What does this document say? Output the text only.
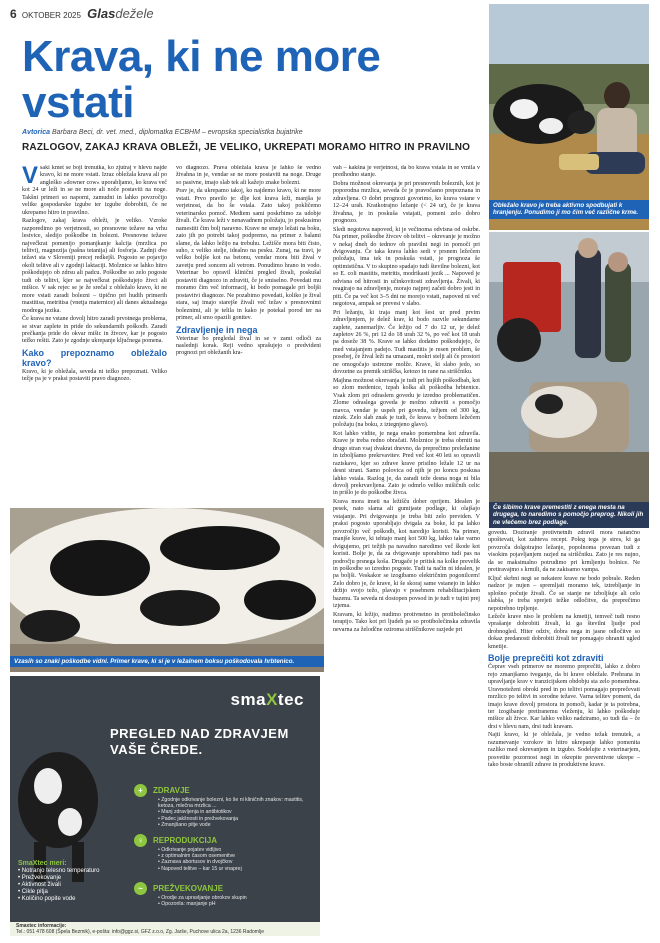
6 OKTOBER 2025 Glasdežele
Krava, ki ne more vstati
Avtorica Barbara Beci, dr. vet. med., diplomatka ECBHM – evropska specialistka bujatrike
RAZLOGOV, ZAKAJ KRAVA OBLEŽI, JE VELIKO, UKREPATI MORAMO HITRO IN PRAVILNO

Vsaki kmet se boji trenutka, ko zjutraj v hlevu najde kravo, ki ne more vstati. Izraz obležala krava ali po angleško »downer cow« uporabljamo, ko krava več kot 24 ur leži in se ne more ali noče postaviti na noge. Takšni primeri so naporni, zamudni in lahko povzročijo velike gospodarske izgube ter izgube dobrobiti, če ne ukrepamo hitro in pravilno.

Razlogov, zakaj krava obleži, je veliko. Vzroke razporedimo po verjetnosti, so presnovne težave na vrhu lestvice, sledijo poškodbe in bolezni. Presnovne težave največkrat pomenijo pomanjkanje kalcija (mrzlica po telitvi), magnezija (pašna tetanija) ali fosforja. Zadnji dve težavi sta v Sloveniji precej redkejši. Pogosto se pojavijo okoli telitve ali v zgodnji laktaciji. Molznice se lahko hitro poškodujejo ob zdrsu ali padcu. Poškodbe so zelo pogoste tudi ob telitvi, kjer se največkrat poškodujejo živci ali mišice. V sak rejec se je že srečal z obležalo kravo, ki ne more vstati zaradi bolezni – tipično pri hudih primerih mastitisa, metritisa (vnetja maternice) ali danes aktualnega modrega jezika.

Če krava ne vstane dovolj hitro zaradi prvotnega problema, se stvar zaplete in pride do sekundarnih poškodb. Zaradi prečkanja pride do okvar mišic in živcev, kar je pogosto težko rešiti. Zato je zgodnje ukrepanje ključnega pomena.

Kako prepoznamo obležalo kravo?

Kravo, ki je obležala, seveda ni težko prepoznati. Veliko težje pa je v praksi postaviti pravo diagnozo.

vo diagnozo. Prava obležala krava je lahko še vedno živahna in je, vendar se ne more postaviti na noge. Druge so pasivne, imajo slab tek ali kažejo znake bolezni.

Prav je, da ukrepamo takoj, ko najdemo kravo, ki ne more vstati. Prvo pravilo je: dlje kot krava leži, manjša je verjetnost, da bo še vstala. Zato takoj pokličemo veterinarsko pomoč. Medtem sami poskrbimo za udobje živali. Če krava leži v nenavadnem položaju, jo poskusimo namestiti čim bolj naravno. Krave ne smejo ležati na boku, zato jih po potrebi takoj podpremo, na primer z balami slame, da lahko ležijo na trebuhu. Ležišče mora biti čisto, suho, z veliko stelje, idealno na pesku. Zunaj, na travi, je veliko boljše kot na betonu, vendar mora biti žival v zavetju pred soncem ali vetrom. Ponudimo hrano in vodo. Veterinar bo opravil klinični pregled živali, poskušal postaviti diagnozo in zdraviti, če je smiselno. Povedati mu moramo čim več informacij, ki bodo pomagale pri boljši postavitvi diagnoze. Ne pozabimo povedati, koliko je žival stara, saj imajo starejše živali več težav s presnovnimi boleznimi, ali je telila in kako je potekal porod ter na primer, ali smo opazili gonitev.

Zdravljenje in nega

Veterinar bo pregledal žival in se v zami odloči za naslednji korak. Reji vedno sprašujejo o predvideni prognozi pri obležanih kra-

vah – kakšna je verjetnost, da bo krava vstala in se vrnila v predhodno stanje.

Dobra možnost okrevanja je pri presnovnih boleznih, kot je poporodna mrzlica, seveda če je pravočasno prepoznana in zdravljena. O dobri prognozi govorimo, ko krava vstane v 12–24 urah. Kratkotrajno ležanje (< 24 ur), če je krava živahna, je in poskuša vstajati, pomeni zelo dobro prognozo.

Sledi negotova napoved, ki je večinoma odvisna od oskrbe. Na primer, poškodbe živcev ob telitvi – okrevanje je možno v nekaj dneh do tednov ob pravilni negi in pomoči pri dvigovanju. Če taka krava lahko sedi v prsnem ležečem položaju, ima tek in poskuša vstati, je prognoza še optimistična. V to skupino spadajo tudi številne bolezni, kot so E. coli mastitis, metritis, modrikasti jezik ... Napoved je odvisna od hitrosti in učinkovitosti zdravljenja. Živali, ki reagirajo na zdravljenje, morajo najprej začeti dobro jesti in piti. Če pa več kot 3–5 dni ne morejo vstati, napoved ni več negotova, ampak se prevesi v slabo.

Pri ležanju, ki traja manj kot šest ur pred prvim zdravljenjem, je delež krav, ki bodo razvile sekundarne zaplete, zanemarljiv. Če ležijo od 7 do 12 ur, je delež zapletov 26 %, pri 12 do 18 urah 32 %, po več kot 18 urah pa doseže 38 %. Krave se lahko dodatno poškodujejo, če med vstajanjem padejo. Tudi mastitis je resen problem, še posebej, če žival leži na umazani, mokri stelji ali če prostori ne omogočajo ustrezne molže. Krave, ki slabo jedo, so dovzetne za premik siriščka, ketozo in rane na siriščniku.

Majhna možnost okrevanja je tudi pri hujših poškodbah, kot so zlom medenice, izpah kolka ali poškodba hrbtenice. Vsak zlom pri odraslem govedu je izredno problematičen. Zlome odraslega goveda je možno zdraviti s pomočjo mavca, vendar je uspeh pri govedu, težjem od 300 kg, nizek. Zelo slab znak je tudi, če krava v bočnem ležečem položaju (na boku, z iztegnjeno glavo).

Kot lahko vidite, je nega enako pomembna kot zdravila. Krave je treba redno obračati. Molznice je treba obrniti na drugo stran vsaj dvakrat dnevno, da preprečimo preležanine in izboljšamo prekrvavitev. Pred več kot 40 leti so opravili raziskavo, kjer so zdrave krave prisilno ležale 12 ur na desni strani. Samo polovica od njih je po koncu poskusa lahko vstala. Razlog je, da zaradi teže desna noga ni bila dovolj prekrvavljena. Zato je odmrlo veliko mišičnih celic in prišlo je do poškodbe živca.

Krava mora imeti na ležišču dober oprijem. Idealen je pesek, nato slama ali gumijaste podlage, ki olajšajo vstajanje. Pri dvigovanju je treba biti zelo previden. V praksi pogosto uporabljajo dvigala za boke, ki pa lahko povzročijo več poškodb, kot naredijo koristi. Na primer, manjše krave, ki tehtajo manj kot 500 kg, lahko take varno dvigujemo, pri težjih pa navadno naredimo več škode kot koristi. Bolje je, da za dvigovanje uporabimo tudi pas na področju prsnega koša. Drugače je pritisk na kolke prevelik in poškodbe so izredno pogoste. Tudi ta način ni idealen, je pa boljši. Veskakor se izogibamo električnim pogonilcem! Zelo dobro je, če krave, ki še skoraj same vstanejo in lahko držijo svojo težo, plavajo v posebnem rehabilitacijskem bazenu. Ta seveda ni dostopen povsod in je tudi v tujini prej izjema.

Kravam, ki ležijo, nudimo protivnetno in protibolečinsko terapijo. Tako kot pri ljudeh pa so protibolečinska zdravila nevarna za želodčne oziroma siriščnikove razjede pri

govedu. Doziranje protivnetnih zdravil mora natančno upoštevati, kot zahteva recept. Poleg tega je stres, ki ga povzroča dolgotrajno ležanje, popolnoma povezan tudi z visokim pojavljanjem razjed na siriščniku. Zato je res nujno, da se maksimalno potrudimo pri krmljenju bolnice. Ne pretiravajmo s krmili, da ne zakisamo vampa.

Ključ skrbni negi se nekatere krave ne bodo pobrale. Reden nadzor je nujen – spremljati moramo tek, iztrebljanje in splošno počutje živali. Če se stanje ne izboljšuje ali celo slabša, je treba sprejeti težke odločitve, da preprečimo nepotrebno trpljenje.

Ležeče krave niso le problem na kmetiji, temveč tudi resno vprašanje dobrobiti živali, ki ga številni ljudje pod drobnogled. Hiter odziv, dobra nega in jasne odločitve so dokaz predanosti dobrobiti živali ter pomagajo ohraniti ugled kmetije.

Bolje preprečiti kot zdraviti

Čeprav vseh primerov ne moremo preprečiti, lahko z dobro rejo zmanjšamo tveganje, da bi krave obležale. Prehrana in upravljanje krav v tranzicijskem obdobju sta zelo pomembna. Uravnoteženi obroki pred in po telitvi pomagajo preprečevati mrzlico po telitvi in sorodne težave. Varna telitev pomeni, da imajo krave dovolj prostora in pomoči, kadar je ta potrebna, ter izogibanje pretiranemu vleženju, ki lahko poškoduje mišice ali živce. Kar lahko veliko nadziramo, so tudi tla – če drsi v hlevu nam, drsi tudi kravam.

Najti kravo, ki je obležala, je vedno težak trenutek, a razumevanje vzrokov in hitro ukrepanje lahko pomenita razliko med okrevanjem in izgubo. Sodelujte z veterinarjem, posvetite pozornost negi in okrepite preventivne ukrepe – tako boste ohranili zdrave in produktivne krave.

Obležalo kravo je treba aktivno spodbujati k hranjenju. Ponudimo ji mo čim več različne krme.
Če šibimo krave premestiti z enega mesta na drugega, to naredimo s pomočjo preprog. Nikoli jih ne vlečemo brez podlage.
Vzasih so znaki poškodbe vidni. Primer krave, ki si je v ležalnem boksu poškodovala hrbtenico.
smaXtec
PREGLED NAD ZDRAVJEM VAŠE ČREDE.
+	ZDRAVJE
• Zgodnje odkrivanje bolezni, ko še ni kliničnih znakov: mastitis, ketoza, mlečna mrzlica ...
• Manj zdravljenja in antibiotikov
• Padec jakšnosti in prežvekovanja
• Zmanjšano pitje vode
♀	REPRODUKCIJA
• Odkrivanje pojatev vidljivo
• z optimalnim časom osemenitve
• Zaznava abortusov in dvojčkov
• Napoved telitve – kar 15 ur vnaprej
~	PREŽVEKOVANJE
• Orodje za upravljanje obrokov skupin
• Opozorila: manjanje pH
SmaXtec meri:
• Notranjo telesno temperaturo
• Prežvekovanje
• Aktivnost živali
• Cikle pitja
• Količino popite vode
Smaxtec informacije:
Tel.: 051 478 608 (Špela Bezmik), e-pošta: info@ggz.si, GFZ z.o.o, Zg. Jarše, Puchove ulica 2a, 1236 Radomlje
